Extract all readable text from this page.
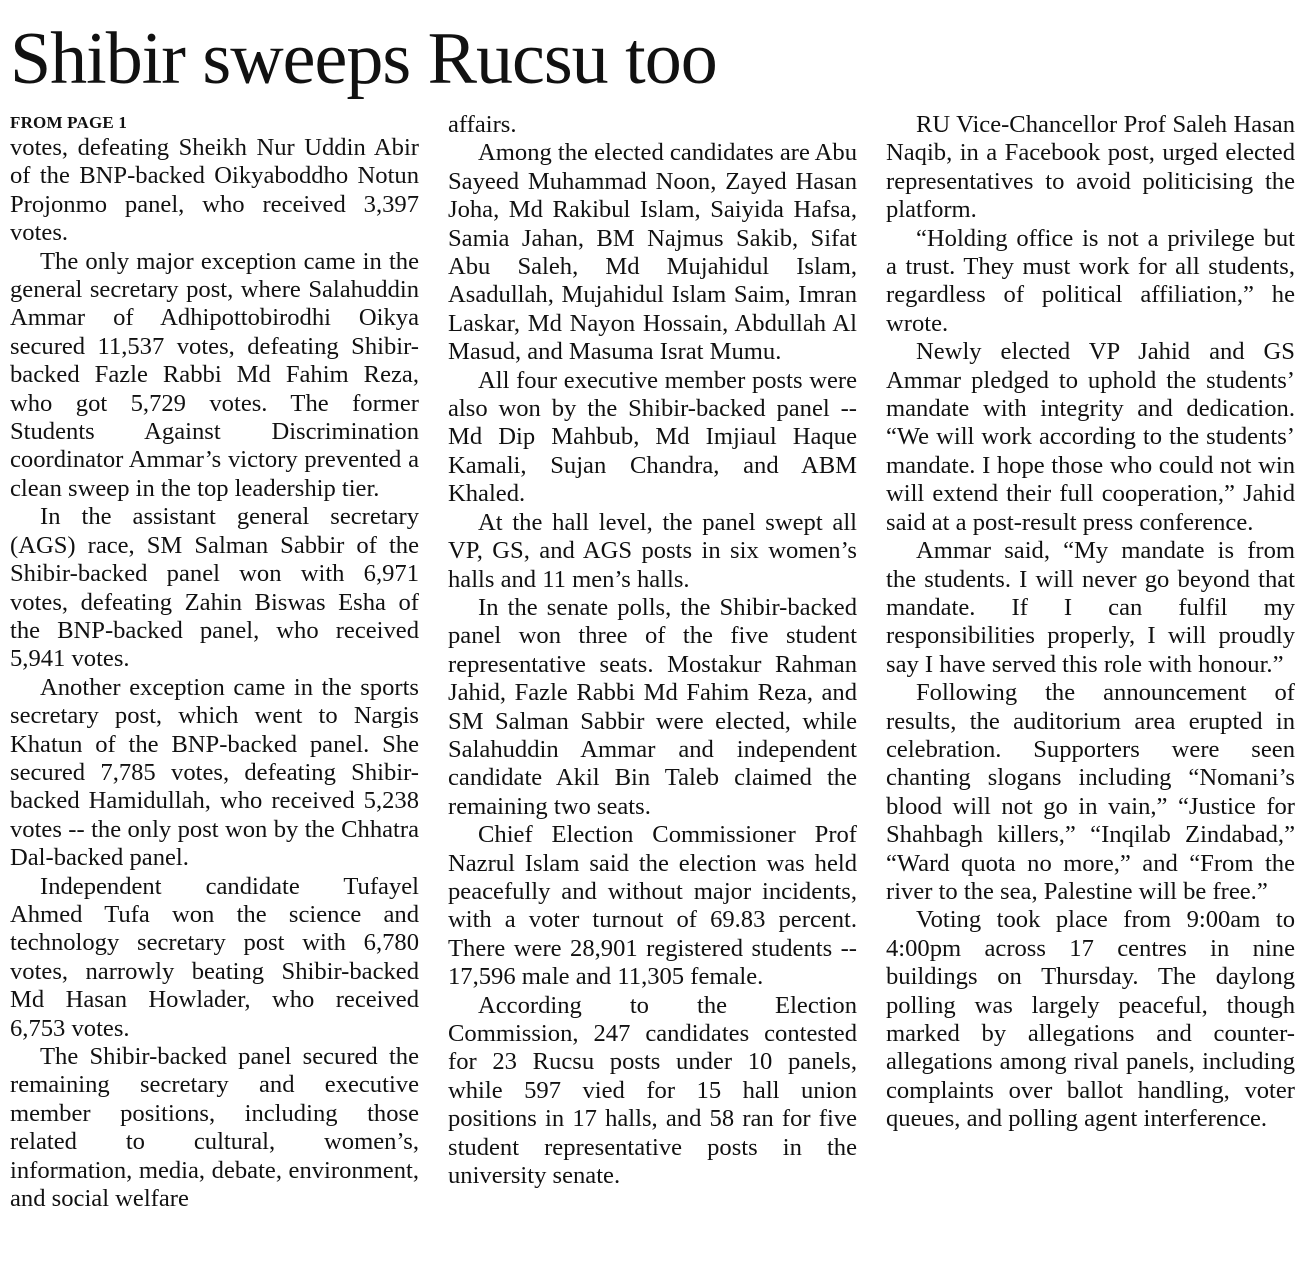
Shibir sweeps Rucsu too
FROM PAGE 1

votes, defeating Sheikh Nur Uddin Abir of the BNP-backed Oikyaboddho Notun Projonmo panel, who received 3,397 votes.

The only major exception came in the general secretary post, where Salahuddin Ammar of Adhipottobirodhi Oikya secured 11,537 votes, defeating Shibir-backed Fazle Rabbi Md Fahim Reza, who got 5,729 votes. The former Students Against Discrimination coordinator Ammar’s victory prevented a clean sweep in the top leadership tier.

In the assistant general secretary (AGS) race, SM Salman Sabbir of the Shibir-backed panel won with 6,971 votes, defeating Zahin Biswas Esha of the BNP-backed panel, who received 5,941 votes.

Another exception came in the sports secretary post, which went to Nargis Khatun of the BNP-backed panel. She secured 7,785 votes, defeating Shibir-backed Hamidullah, who received 5,238 votes -- the only post won by the Chhatra Dal-backed panel.

Independent candidate Tufayel Ahmed Tufa won the science and technology secretary post with 6,780 votes, narrowly beating Shibir-backed Md Hasan Howlader, who received 6,753 votes.

The Shibir-backed panel secured the remaining secretary and executive member positions, including those related to cultural, women’s, information, media, debate, environment, and social welfare

affairs.

Among the elected candidates are Abu Sayeed Muhammad Noon, Zayed Hasan Joha, Md Rakibul Islam, Saiyida Hafsa, Samia Jahan, BM Najmus Sakib, Sifat Abu Saleh, Md Mujahidul Islam, Asadullah, Mujahidul Islam Saim, Imran Laskar, Md Nayon Hossain, Abdullah Al Masud, and Masuma Israt Mumu.

All four executive member posts were also won by the Shibir-backed panel -- Md Dip Mahbub, Md Imjiaul Haque Kamali, Sujan Chandra, and ABM Khaled.

At the hall level, the panel swept all VP, GS, and AGS posts in six women’s halls and 11 men’s halls.

In the senate polls, the Shibir-backed panel won three of the five student representative seats. Mostakur Rahman Jahid, Fazle Rabbi Md Fahim Reza, and SM Salman Sabbir were elected, while Salahuddin Ammar and independent candidate Akil Bin Taleb claimed the remaining two seats.

Chief Election Commissioner Prof Nazrul Islam said the election was held peacefully and without major incidents, with a voter turnout of 69.83 percent. There were 28,901 registered students -- 17,596 male and 11,305 female.

According to the Election Commission, 247 candidates contested for 23 Rucsu posts under 10 panels, while 597 vied for 15 hall union positions in 17 halls, and 58 ran for five student representative posts in the university senate.

RU Vice-Chancellor Prof Saleh Hasan Naqib, in a Facebook post, urged elected representatives to avoid politicising the platform.

“Holding office is not a privilege but a trust. They must work for all students, regardless of political affiliation,” he wrote.

Newly elected VP Jahid and GS Ammar pledged to uphold the students’ mandate with integrity and dedication. “We will work according to the students’ mandate. I hope those who could not win will extend their full cooperation,” Jahid said at a post-result press conference.

Ammar said, “My mandate is from the students. I will never go beyond that mandate. If I can fulfil my responsibilities properly, I will proudly say I have served this role with honour.”

Following the announcement of results, the auditorium area erupted in celebration. Supporters were seen chanting slogans including “Nomani’s blood will not go in vain,” “Justice for Shahbagh killers,” “Inqilab Zindabad,” “Ward quota no more,” and “From the river to the sea, Palestine will be free.”

Voting took place from 9:00am to 4:00pm across 17 centres in nine buildings on Thursday. The daylong polling was largely peaceful, though marked by allegations and counter-allegations among rival panels, including complaints over ballot handling, voter queues, and polling agent interference.
